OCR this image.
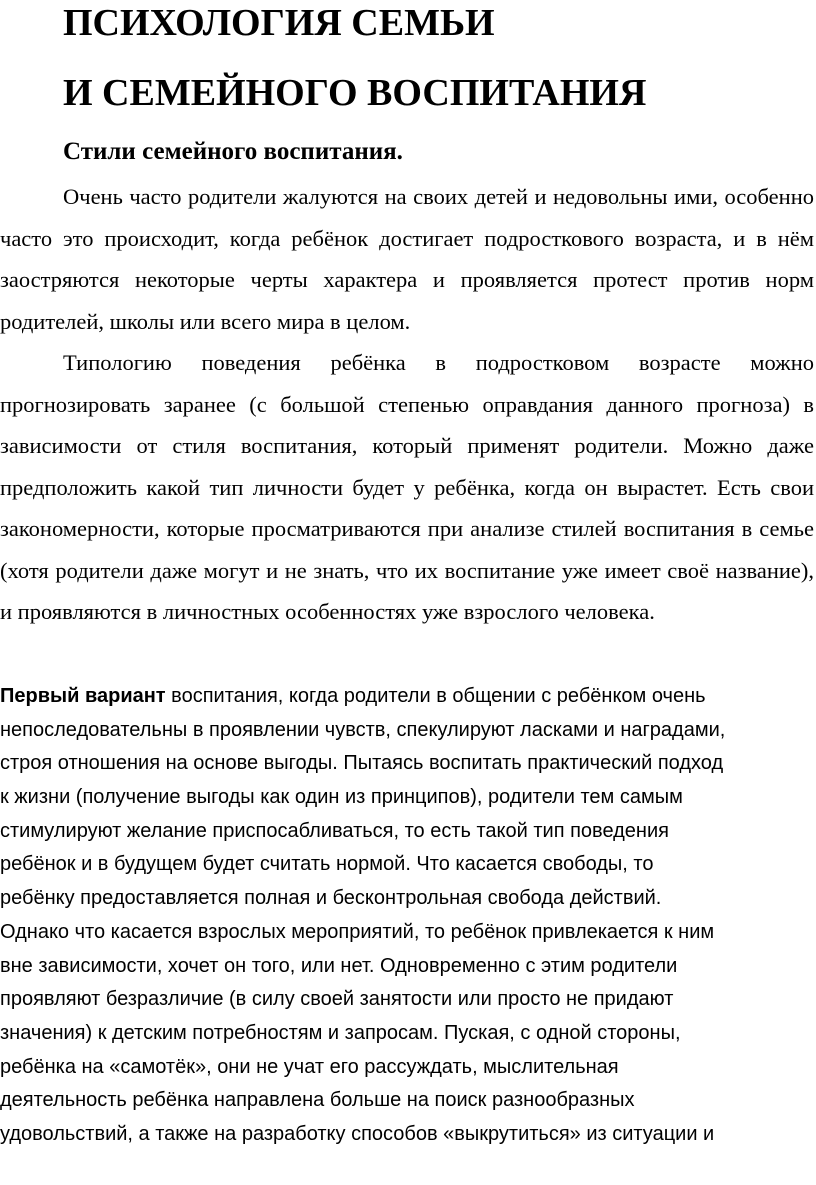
ПСИХОЛОГИЯ СЕМЬИ
И СЕМЕЙНОГО ВОСПИТАНИЯ
Стили семейного воспитания.

Очень часто родители жалуются на своих детей и недовольны ими, особенно часто это происходит, когда ребёнок достигает подросткового возраста, и в нём заостряются некоторые черты характера и проявляется протест против норм родителей, школы или всего мира в целом.

Типологию поведения ребёнка в подростковом возрасте можно прогнозировать заранее (с большой степенью оправдания данного прогноза) в зависимости от стиля воспитания, который применят родители. Можно даже предположить какой тип личности будет у ребёнка, когда он вырастет. Есть свои закономерности, которые просматриваются при анализе стилей воспитания в семье (хотя родители даже могут и не знать, что их воспитание уже имеет своё название), и проявляются в личностных особенностях уже взрослого человека.

Первый вариант воспитания, когда родители в общении с ребёнком очень
непоследовательны в проявлении чувств, спекулируют ласками и наградами,
строя отношения на основе выгоды. Пытаясь воспитать практический подход
к жизни (получение выгоды как один из принципов), родители тем самым
стимулируют желание приспосабливаться, то есть такой тип поведения
ребёнок и в будущем будет считать нормой. Что касается свободы, то
ребёнку предоставляется полная и бесконтрольная свобода действий.
Однако что касается взрослых мероприятий, то ребёнок привлекается к ним
вне зависимости, хочет он того, или нет. Одновременно с этим родители
проявляют безразличие (в силу своей занятости или просто не придают
значения) к детским потребностям и запросам. Пуская, с одной стороны,
ребёнка на «самотёк», они не учат его рассуждать, мыслительная
деятельность ребёнка направлена больше на поиск разнообразных
удовольствий, а также на разработку способов «выкрутиться» из ситуации и
